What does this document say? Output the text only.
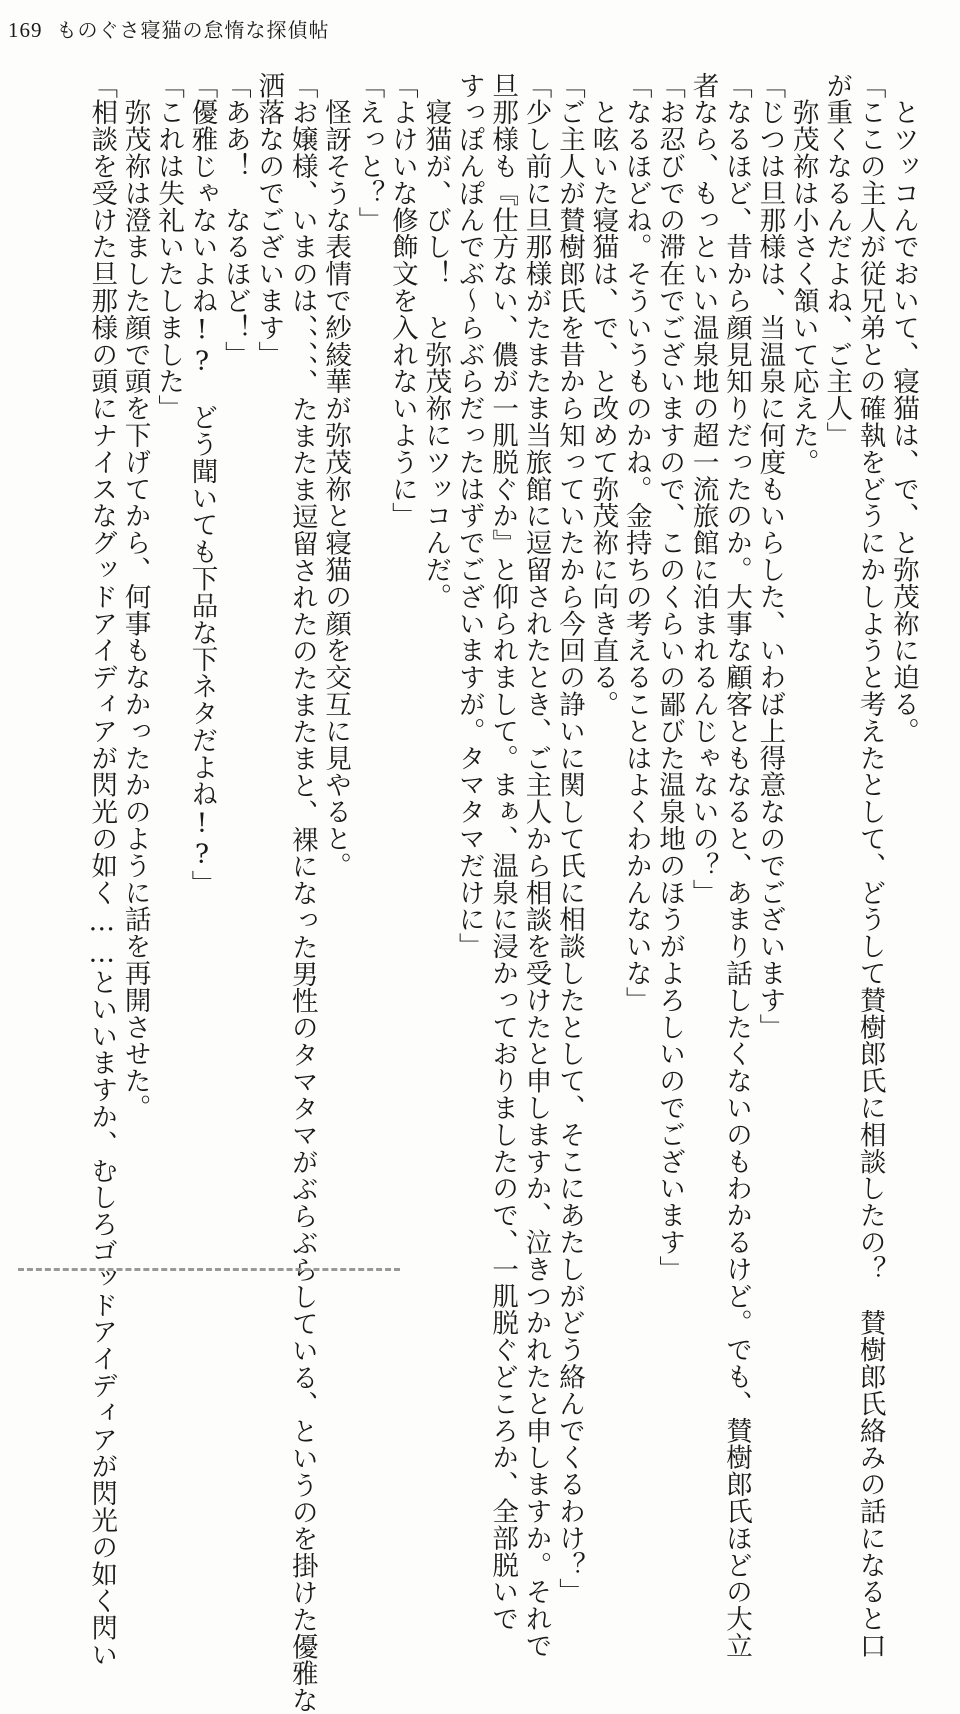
169 ものぐさ寝猫の怠惰な探偵帖
　とツッコんでおいて、寝猫は、で、と弥茂祢に迫る。
「ここの主人が従兄弟との確執をどうにかしようと考えたとして、どうして賛樹郎氏に相談したの？　賛樹郎氏絡みの話になると口
が重くなるんだよね、ご主人」
　弥茂祢は小さく頷いて応えた。
「じつは旦那様は、当温泉に何度もいらした、いわば上得意なのでございます」
「なるほど、昔から顔見知りだったのか。大事な顧客ともなると、あまり話したくないのもわかるけど。でも、賛樹郎氏ほどの大立
者なら、もっといい温泉地の超一流旅館に泊まれるんじゃないの？」
「お忍びでの滞在でございますので、このくらいの鄙びた温泉地のほうがよろしいのでございます」
「なるほどね。そういうものかね。金持ちの考えることはよくわかんないな」
　と呟いた寝猫は、で、と改めて弥茂祢に向き直る。
「ご主人が賛樹郎氏を昔から知っていたから今回の諍いに関して氏に相談したとして、そこにあたしがどう絡んでくるわけ？」
「少し前に旦那様がたまたま当旅館に逗留されたとき、ご主人から相談を受けたと申しますか、泣きつかれたと申しますか。それで
旦那様も『仕方ない、儂が一肌脱ぐか』と仰られまして。まぁ、温泉に浸かっておりましたので、一肌脱ぐどころか、全部脱いで
すっぽんぽんでぶ～らぶらだったはずでございますが。タマタマだけに」
　寝猫が、びし！　と弥茂祢にツッコんだ。
「よけいな修飾文を入れないように」
「えっと？」
　怪訝そうな表情で紗綾華が弥茂祢と寝猫の顔を交互に見やると。
「お嬢様、いまのは、、、、、たまたま逗留されたのたまたまと、裸になった男性のタマタマがぶらぶらしている、というのを掛けた優雅な
洒落なのでございます」
「ああ！　なるほど！」
「優雅じゃないよね!?　どう聞いても下品な下ネタだよね!?」
「これは失礼いたしました」
　弥茂祢は澄ました顔で頭を下げてから、何事もなかったかのように話を再開させた。
「相談を受けた旦那様の頭にナイスなグッドアイディアが閃光の如く……といいますか、むしろゴッドアイディアが閃光の如く閃い
